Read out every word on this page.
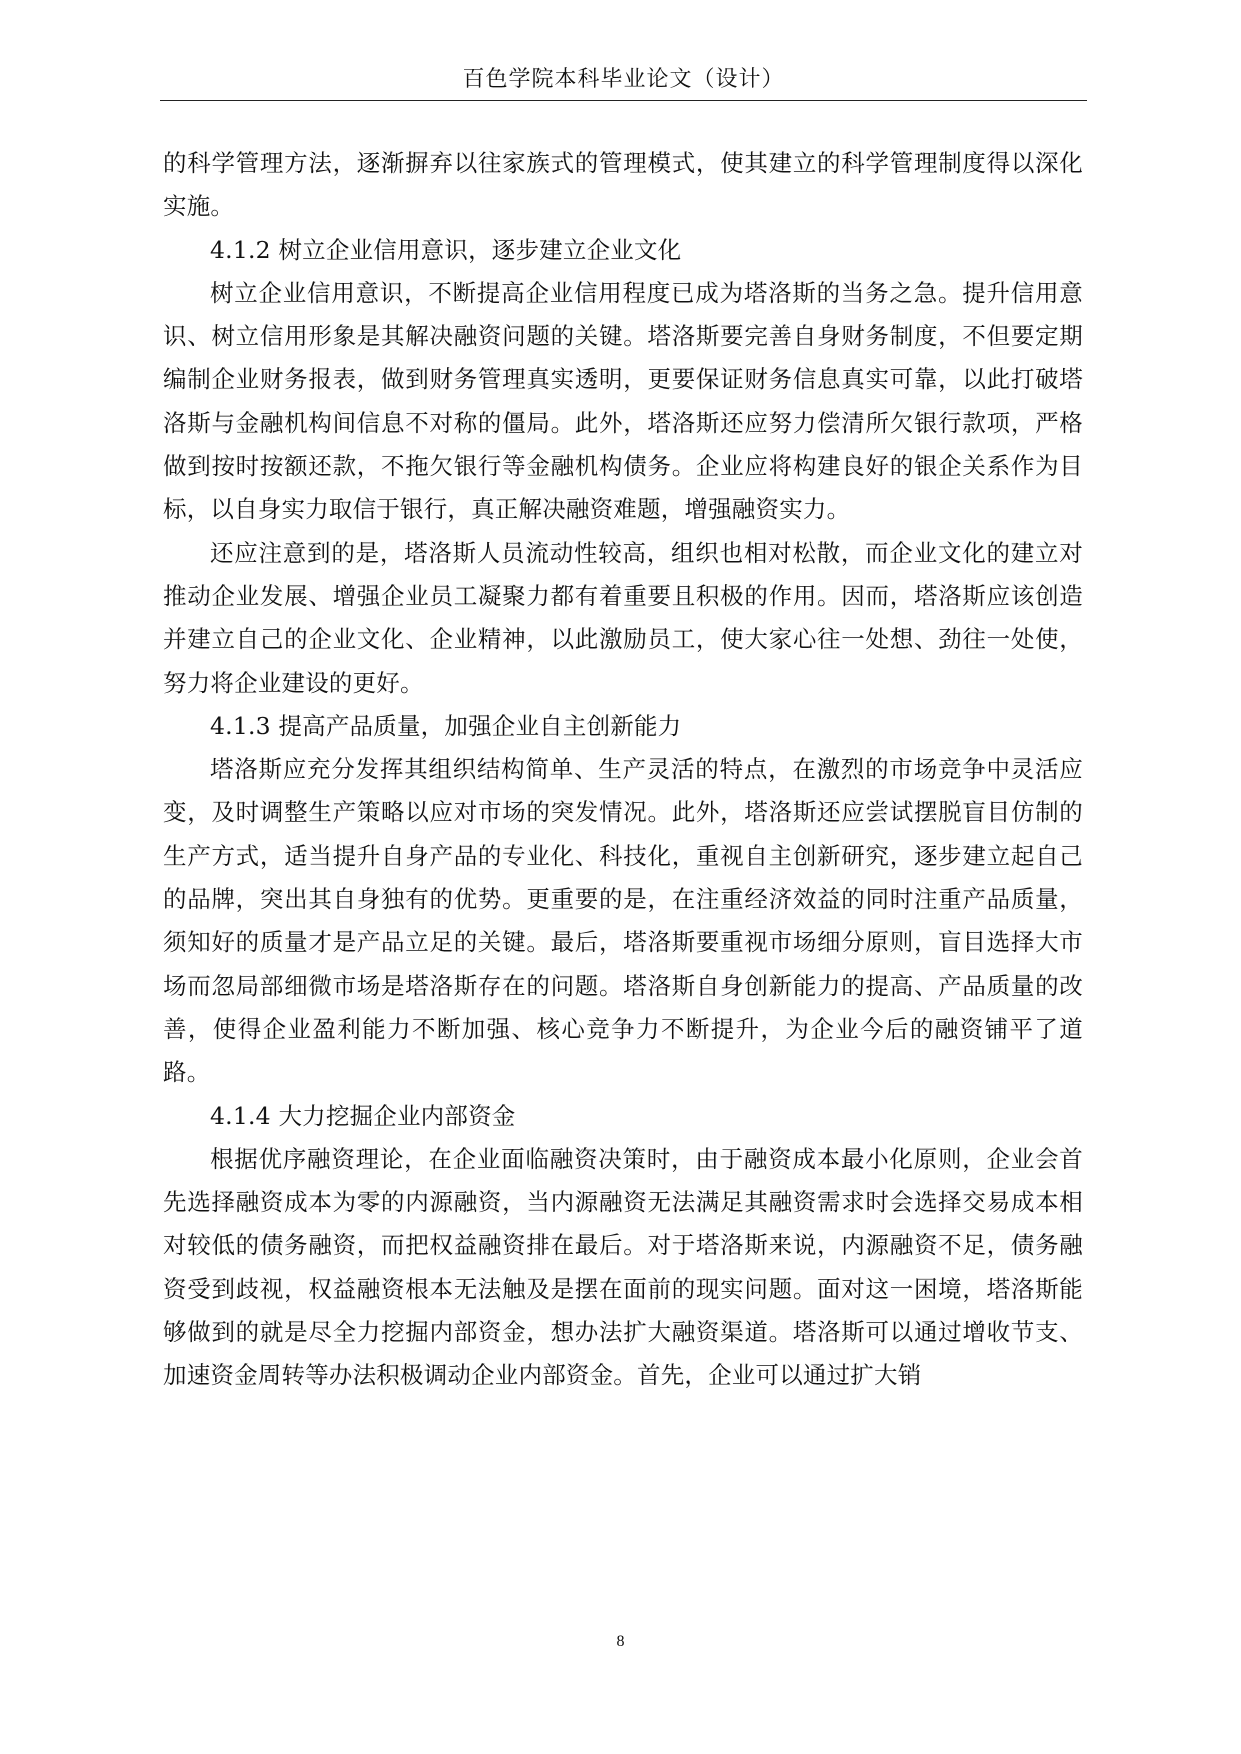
百色学院本科毕业论文（设计）

的科学管理方法，逐渐摒弃以往家族式的管理模式，使其建立的科学管理制度得以深化实施。

4.1.2 树立企业信用意识，逐步建立企业文化

树立企业信用意识，不断提高企业信用程度已成为塔洛斯的当务之急。提升信用意识、树立信用形象是其解决融资问题的关键。塔洛斯要完善自身财务制度，不但要定期编制企业财务报表，做到财务管理真实透明，更要保证财务信息真实可靠，以此打破塔洛斯与金融机构间信息不对称的僵局。此外，塔洛斯还应努力偿清所欠银行款项，严格做到按时按额还款，不拖欠银行等金融机构债务。企业应将构建良好的银企关系作为目标，以自身实力取信于银行，真正解决融资难题，增强融资实力。

还应注意到的是，塔洛斯人员流动性较高，组织也相对松散，而企业文化的建立对推动企业发展、增强企业员工凝聚力都有着重要且积极的作用。因而，塔洛斯应该创造并建立自己的企业文化、企业精神，以此激励员工，使大家心往一处想、劲往一处使，努力将企业建设的更好。

4.1.3 提高产品质量，加强企业自主创新能力

塔洛斯应充分发挥其组织结构简单、生产灵活的特点，在激烈的市场竞争中灵活应变，及时调整生产策略以应对市场的突发情况。此外，塔洛斯还应尝试摆脱盲目仿制的生产方式，适当提升自身产品的专业化、科技化，重视自主创新研究，逐步建立起自己的品牌，突出其自身独有的优势。更重要的是，在注重经济效益的同时注重产品质量，须知好的质量才是产品立足的关键。最后，塔洛斯要重视市场细分原则，盲目选择大市场而忽局部细微市场是塔洛斯存在的问题。塔洛斯自身创新能力的提高、产品质量的改善，使得企业盈利能力不断加强、核心竞争力不断提升，为企业今后的融资铺平了道路。

4.1.4 大力挖掘企业内部资金

根据优序融资理论，在企业面临融资决策时，由于融资成本最小化原则，企业会首先选择融资成本为零的内源融资，当内源融资无法满足其融资需求时会选择交易成本相对较低的债务融资，而把权益融资排在最后。对于塔洛斯来说，内源融资不足，债务融资受到歧视，权益融资根本无法触及是摆在面前的现实问题。面对这一困境，塔洛斯能够做到的就是尽全力挖掘内部资金，想办法扩大融资渠道。塔洛斯可以通过增收节支、加速资金周转等办法积极调动企业内部资金。首先，企业可以通过扩大销

8
